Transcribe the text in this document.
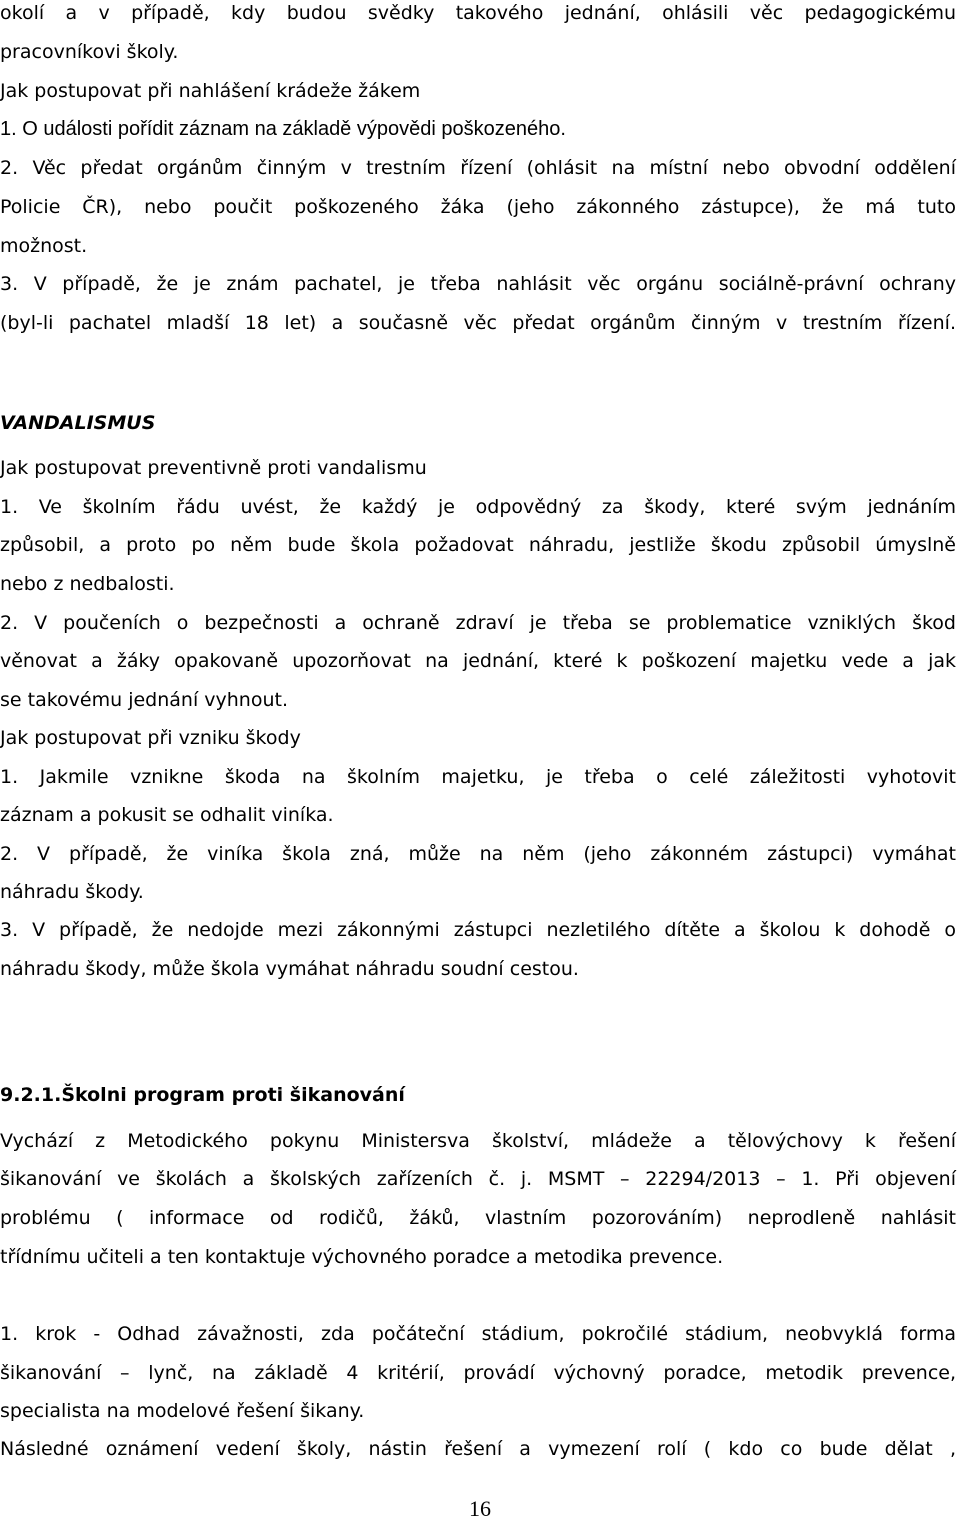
okolí a v případě, kdy budou svědky takového jednání, ohlásili věc pedagogickému

pracovníkovi školy.

Jak postupovat při nahlášení krádeže žákem

1. O události pořídit záznam na základě výpovědi poškozeného.

2. Věc předat orgánům činným v trestním řízení (ohlásit na místní nebo obvodní oddělení

Policie ČR), nebo poučit poškozeného žáka (jeho zákonného zástupce), že má tuto

možnost.

3. V případě, že je znám pachatel, je třeba nahlásit věc orgánu sociálně-právní ochrany

(byl-li pachatel mladší 18 let) a současně věc předat orgánům činným v trestním řízení.

VANDALISMUS

Jak postupovat preventivně proti vandalismu

1. Ve školním řádu uvést, že každý je odpovědný za škody, které svým jednáním

způsobil, a proto po něm bude škola požadovat náhradu, jestliže škodu způsobil úmyslně

nebo z nedbalosti.

2. V poučeních o bezpečnosti a ochraně zdraví je třeba se problematice vzniklých škod

věnovat a žáky opakovaně upozorňovat na jednání, které k poškození majetku vede a jak

se takovému jednání vyhnout.

Jak postupovat při vzniku škody

1. Jakmile vznikne škoda na školním majetku, je třeba o celé záležitosti vyhotovit

záznam a pokusit se odhalit viníka.

2. V případě, že viníka škola zná, může na něm (jeho zákonném zástupci) vymáhat

náhradu škody.

3. V případě, že nedojde mezi zákonnými zástupci nezletilého dítěte a školou k dohodě o

náhradu škody, může škola vymáhat náhradu soudní cestou.

9.2.1.Školni program proti šikanování

Vychází z Metodického pokynu Ministersva školství, mládeže a tělovýchovy k řešení

šikanování ve školách a školských zařízeních č. j. MSMT – 22294/2013 – 1. Při objevení

problému ( informace od rodičů, žáků, vlastním pozorováním) neprodleně nahlásit

třídnímu učiteli a ten kontaktuje výchovného poradce a metodika prevence.

1. krok - Odhad závažnosti, zda počáteční stádium, pokročilé stádium, neobvyklá forma

šikanování – lynč, na základě 4 kritérií, provádí výchovný poradce, metodik prevence,

specialista na modelové řešení šikany.

Následné oznámení vedení školy, nástin řešení a vymezení rolí ( kdo co bude dělat ,

16
